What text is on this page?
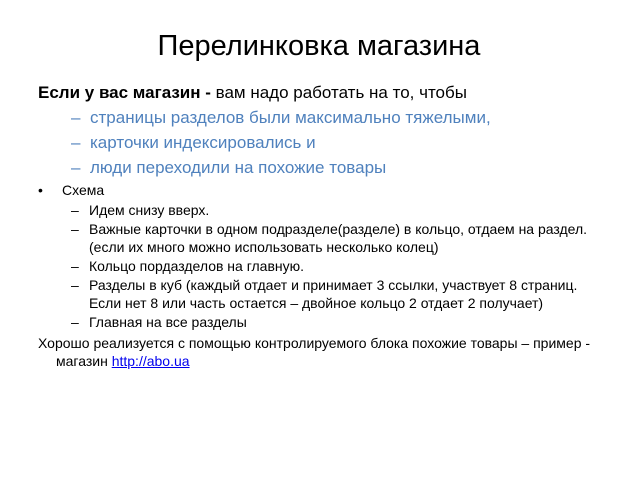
Перелинковка магазина
Если у вас магазин - вам надо работать на то, чтобы
– страницы разделов были максимально тяжелыми,
– карточки индексировались и
– люди переходили на похожие товары
• Схема
– Идем снизу вверх.
– Важные карточки в одном подразделе(разделе) в кольцо, отдаем на раздел. (если их много можно использовать несколько колец)
– Кольцо пордазделов на главную.
– Разделы в куб (каждый отдает и принимает 3 ссылки, участвует 8 страниц. Если нет 8 или часть остается – двойное кольцо 2 отдает 2 получает)
– Главная на все разделы
Хорошо реализуется с помощью контролируемого блока похожие товары – пример - магазин http://abo.ua
